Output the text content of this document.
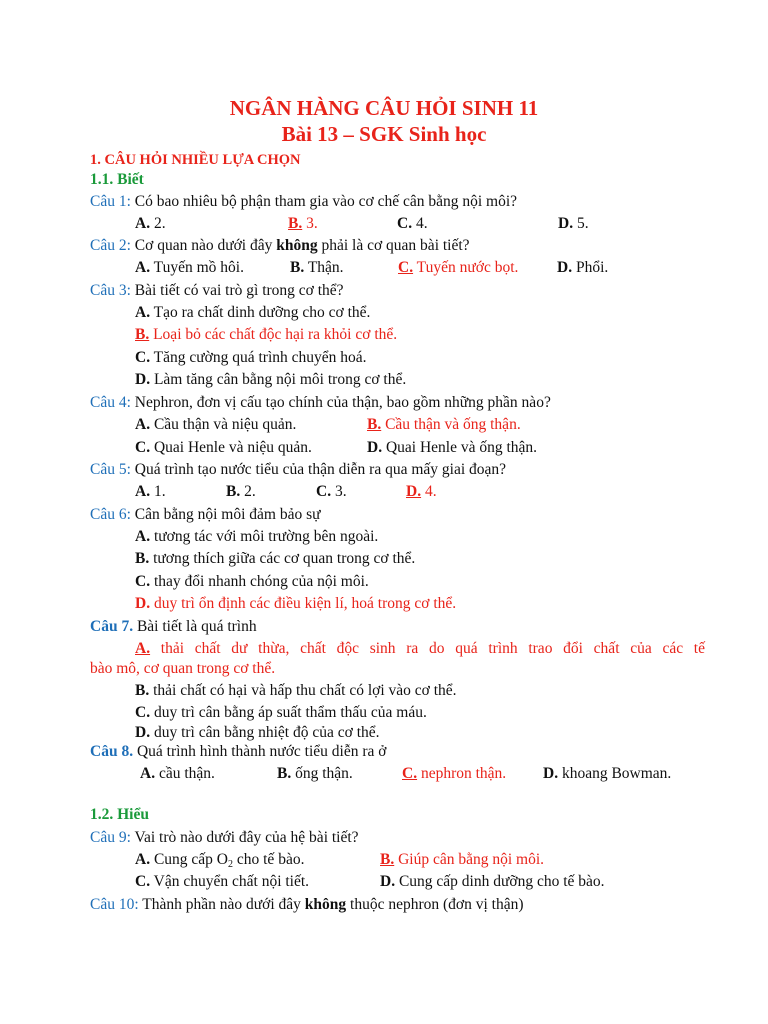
NGÂN HÀNG CÂU HỎI SINH 11
Bài 13 – SGK Sinh học
1. CÂU HỎI NHIỀU LỰA CHỌN
1.1. Biết
Câu 1: Có bao nhiêu bộ phận tham gia vào cơ chế cân bằng nội môi?
A. 2.	B. 3.	C. 4.	D. 5.
Câu 2: Cơ quan nào dưới đây không phải là cơ quan bài tiết?
A. Tuyến mồ hôi.	B. Thận.	C. Tuyến nước bọt. D. Phổi.
Câu 3: Bài tiết có vai trò gì trong cơ thể?
A. Tạo ra chất dinh dưỡng cho cơ thể.
B. Loại bỏ các chất độc hại ra khỏi cơ thể.
C. Tăng cường quá trình chuyển hoá.
D. Làm tăng cân bằng nội môi trong cơ thể.
Câu 4: Nephron, đơn vị cấu tạo chính của thận, bao gồm những phần nào?
A. Cầu thận và niệu quản.	B. Cầu thận và ống thận.
C. Quai Henle và niệu quản.	D. Quai Henle và ống thận.
Câu 5: Quá trình tạo nước tiểu của thận diễn ra qua mấy giai đoạn?
A. 1.	B. 2.	C. 3.	D. 4.
Câu 6: Cân bằng nội môi đảm bảo sự
A. tương tác với môi trường bên ngoài.
B. tương thích giữa các cơ quan trong cơ thể.
C. thay đổi nhanh chóng của nội môi.
D. duy trì ổn định các điều kiện lí, hoá trong cơ thể.
Câu 7. Bài tiết là quá trình
A. thải chất dư thừa, chất độc sinh ra do quá trình trao đổi chất của các tế
bào mô, cơ quan trong cơ thể.
B. thải chất có hại và hấp thu chất có lợi vào cơ thể.
C. duy trì cân bằng áp suất thẩm thấu của máu.
D. duy trì cân bằng nhiệt độ của cơ thể.
Câu 8. Quá trình hình thành nước tiểu diễn ra ở
A. cầu thận.	B. ống thận.	C. nephron thận. D. khoang Bowman.
1.2. Hiểu
Câu 9: Vai trò nào dưới đây của hệ bài tiết?
A. Cung cấp $O_2$ cho tế bào.	B. Giúp cân bằng nội môi.
C. Vận chuyển chất nội tiết.	D. Cung cấp dinh dưỡng cho tế bào.
Câu 10: Thành phần nào dưới đây không thuộc nephron (đơn vị thận)
